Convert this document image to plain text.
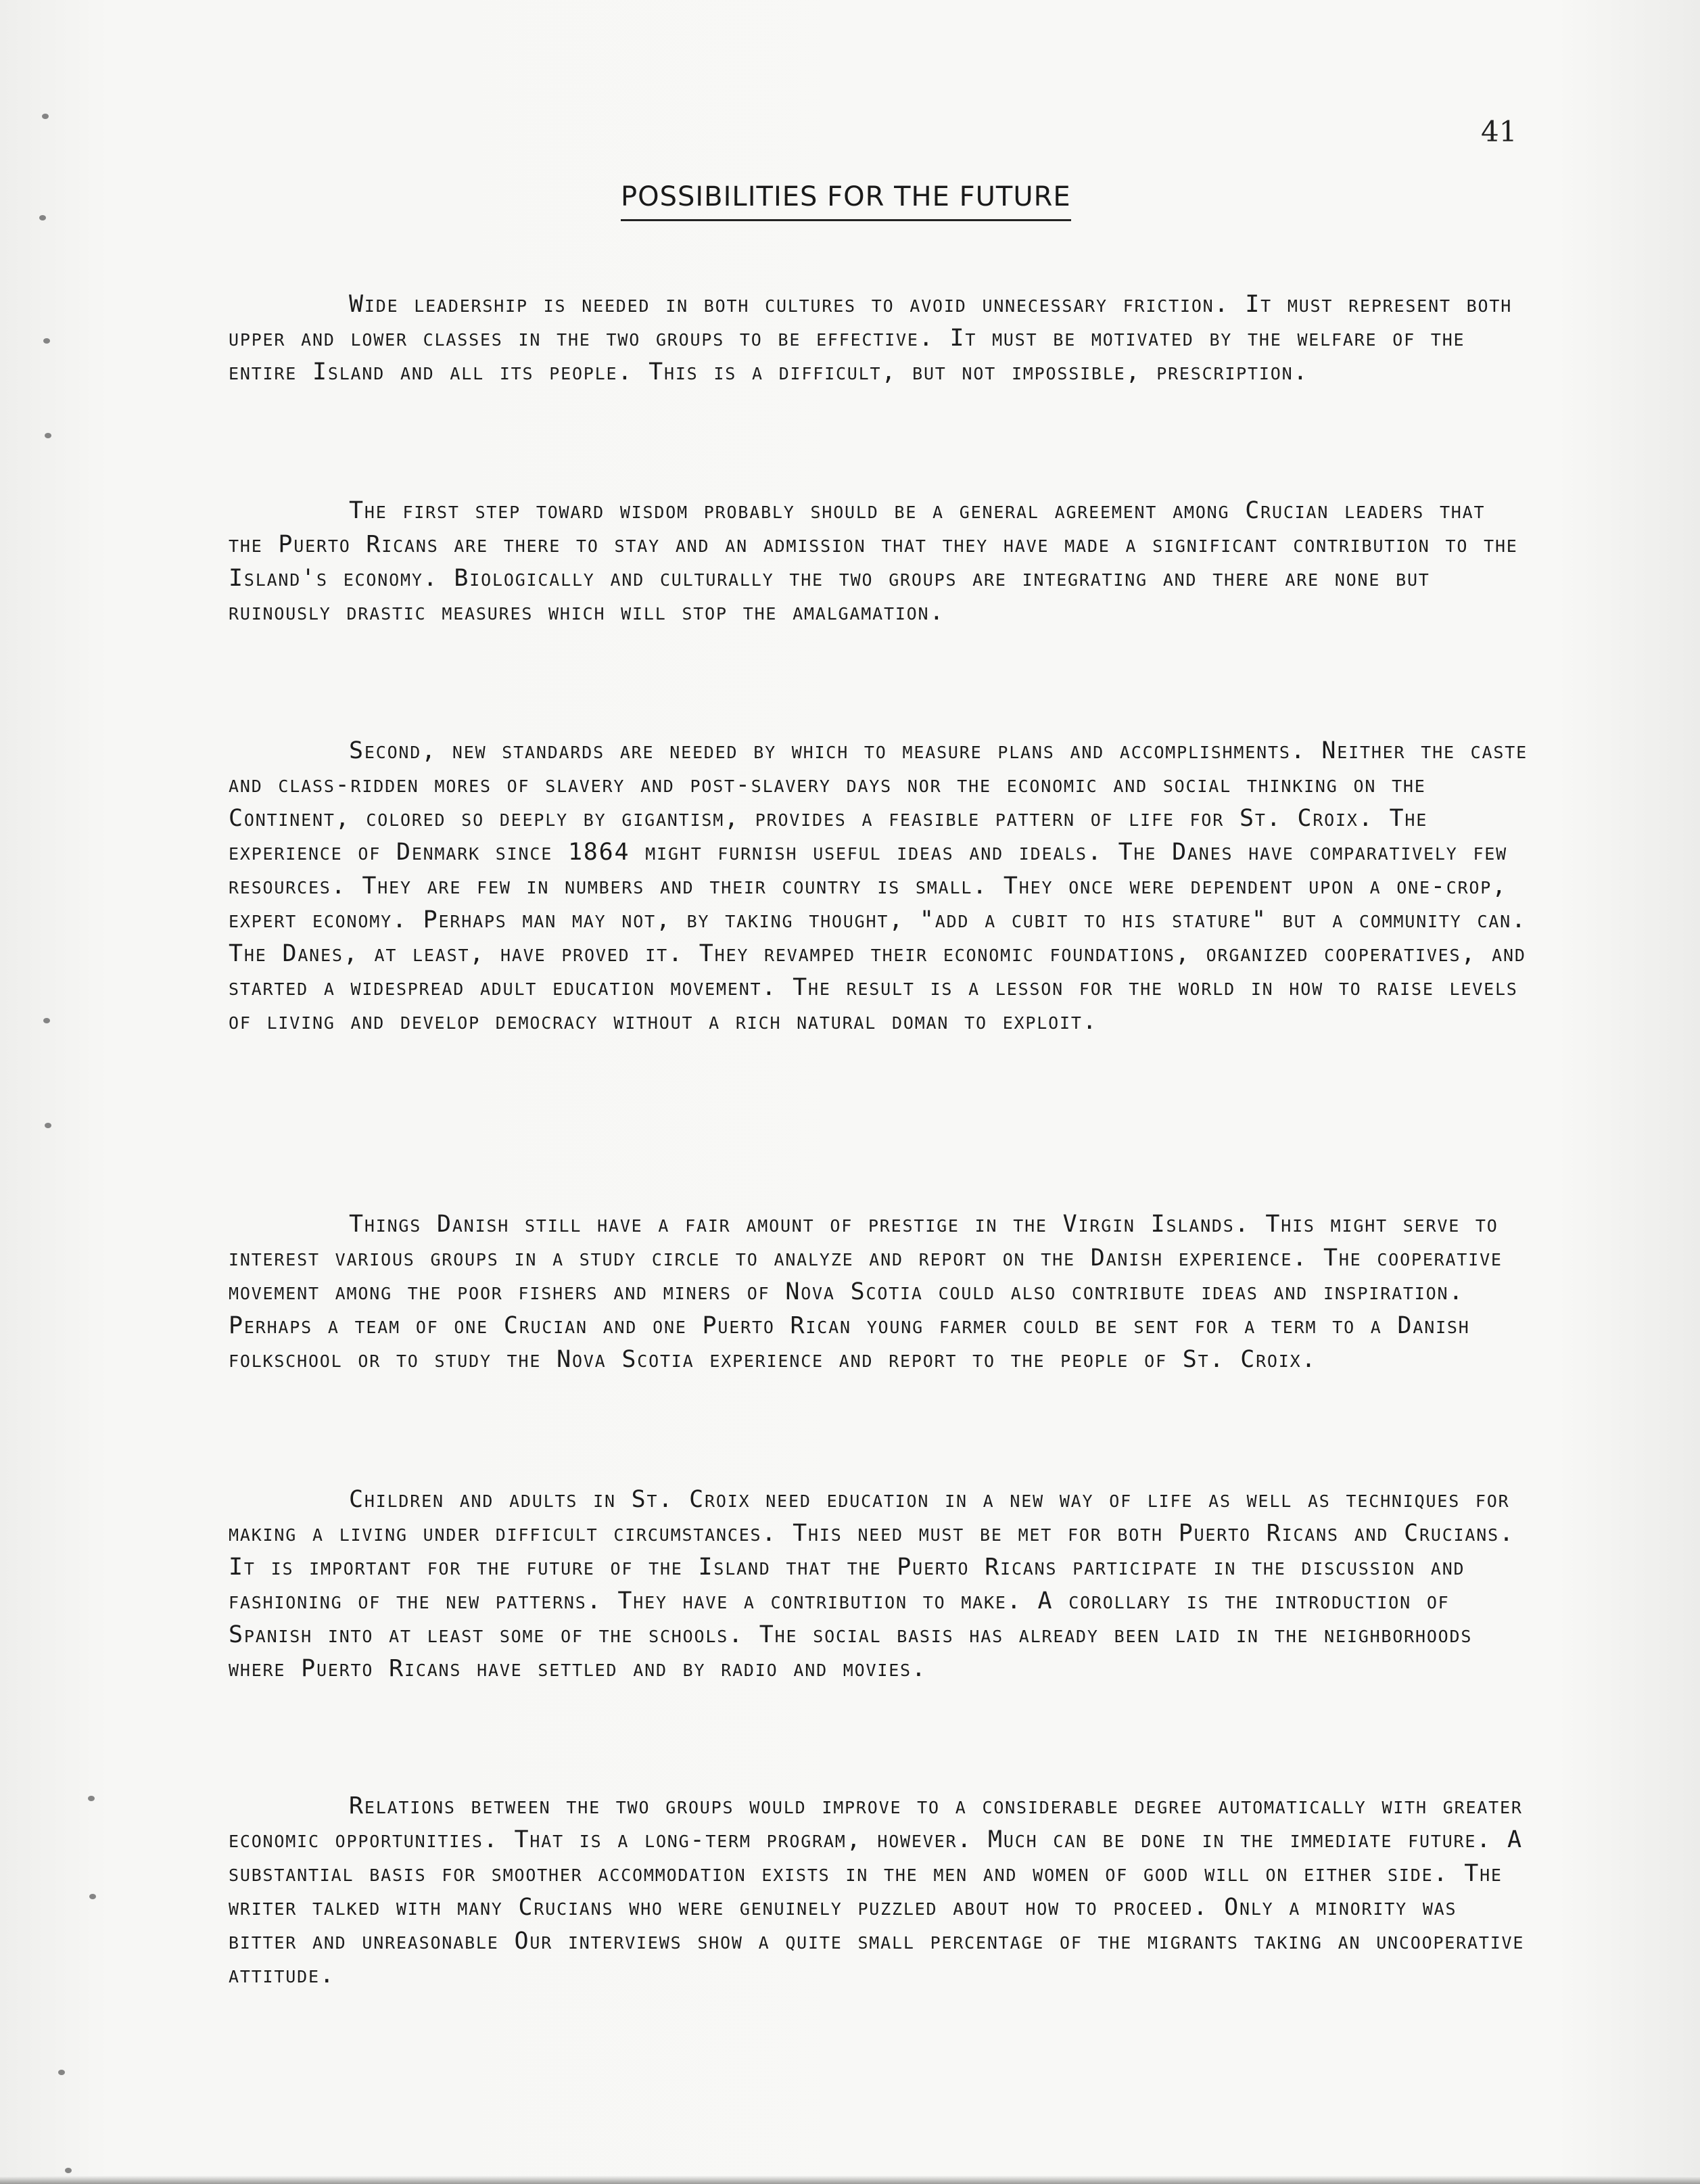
41
POSSIBILITIES FOR THE FUTURE

Wide leadership is needed in both cultures to avoid unnecessary friction. It must represent both upper and lower classes in the two groups to be effective. It must be motivated by the welfare of the entire Island and all its people. This is a difficult, but not impossible, prescription.

The first step toward wisdom probably should be a general agreement among Crucian leaders that the Puerto Ricans are there to stay and an admission that they have made a significant contribution to the Island's economy. Biologically and culturally the two groups are integrating and there are none but ruinously drastic measures which will stop the amalgamation.

Second, new standards are needed by which to measure plans and accomplishments. Neither the caste and class-ridden mores of slavery and post-slavery days nor the economic and social thinking on the Continent, colored so deeply by gigantism, provides a feasible pattern of life for St. Croix. The experience of Denmark since 1864 might furnish useful ideas and ideals. The Danes have comparatively few resources. They are few in numbers and their country is small. They once were dependent upon a one-crop, expert economy. Perhaps man may not, by taking thought, "add a cubit to his stature" but a community can. The Danes, at least, have proved it. They revamped their economic foundations, organized cooperatives, and started a widespread adult education movement. The result is a lesson for the world in how to raise levels of living and develop democracy without a rich natural doman to exploit.

Things Danish still have a fair amount of prestige in the Virgin Islands. This might serve to interest various groups in a study circle to analyze and report on the Danish experience. The cooperative movement among the poor fishers and miners of Nova Scotia could also contribute ideas and inspiration. Perhaps a team of one Crucian and one Puerto Rican young farmer could be sent for a term to a Danish folkschool or to study the Nova Scotia experience and report to the people of St. Croix.

Children and adults in St. Croix need education in a new way of life as well as techniques for making a living under difficult circumstances. This need must be met for both Puerto Ricans and Crucians. It is important for the future of the Island that the Puerto Ricans participate in the discussion and fashioning of the new patterns. They have a contribution to make. A corollary is the introduction of Spanish into at least some of the schools. The social basis has already been laid in the neighborhoods where Puerto Ricans have settled and by radio and movies.

Relations between the two groups would improve to a considerable degree automatically with greater economic opportunities. That is a long-term program, however. Much can be done in the immediate future. A substantial basis for smoother accommodation exists in the men and women of good will on either side. The writer talked with many Crucians who were genuinely puzzled about how to proceed. Only a minority was bitter and unreasonable Our interviews show a quite small percentage of the migrants taking an uncooperative attitude.
